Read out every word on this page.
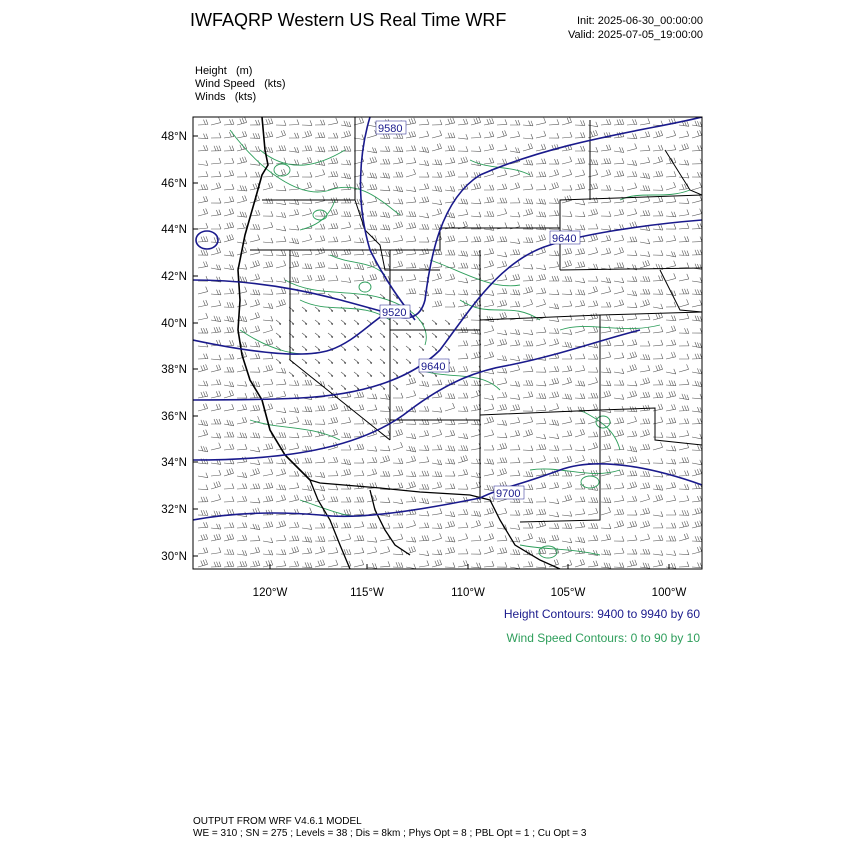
IWFAQRP Western US Real Time WRF	Init: 2025-06-30_00:00:00
Valid: 2025-07-05_19:00:00
Height   (m)
Wind Speed   (kts)
Winds   (kts)
9580
9640
9520
9640
9700
48°N
46°N
44°N
42°N
40°N
38°N
36°N
34°N
32°N
30°N
120°W	115°W	110°W	105°W	100°W
Height Contours: 9400 to 9940 by 60
Wind Speed Contours: 0 to 90 by 10
OUTPUT FROM WRF V4.6.1 MODEL
WE = 310 ; SN = 275 ; Levels = 38 ; Dis = 8km ; Phys Opt = 8 ; PBL Opt = 1 ; Cu Opt = 3
